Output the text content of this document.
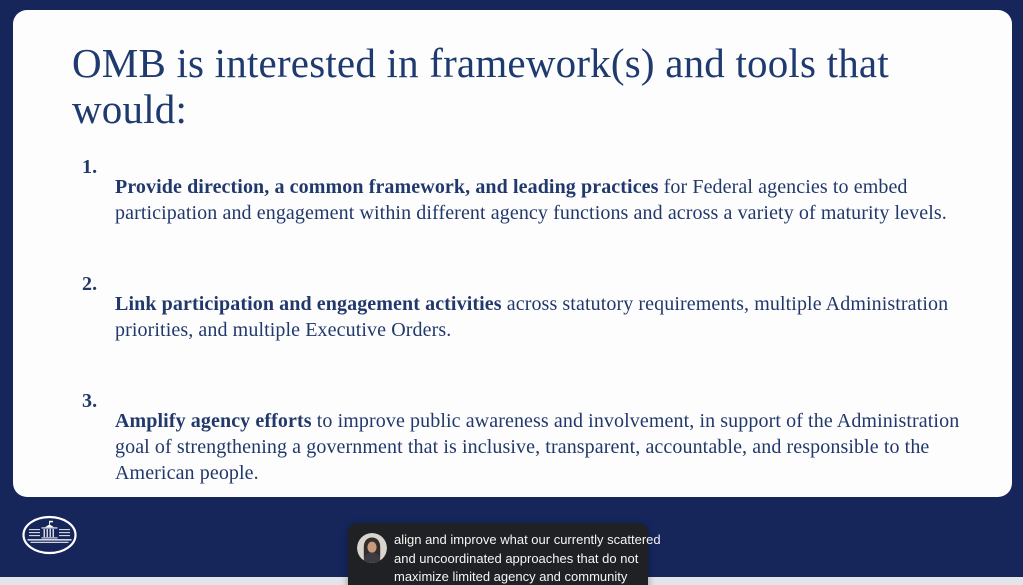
OMB is interested in framework(s) and tools that
would:
1.

Provide direction, a common framework, and leading practices for Federal agencies to embed participation and engagement within different agency functions and across a variety of maturity levels.

2.

Link participation and engagement activities across statutory requirements, multiple Administration priorities, and multiple Executive Orders.

3.

Amplify agency efforts to improve public awareness and involvement, in support of the Administration goal of strengthening a government that is inclusive, transparent, accountable, and responsible to the American people.

align and improve what our currently scattered
and uncoordinated approaches that do not
maximize limited agency and community
